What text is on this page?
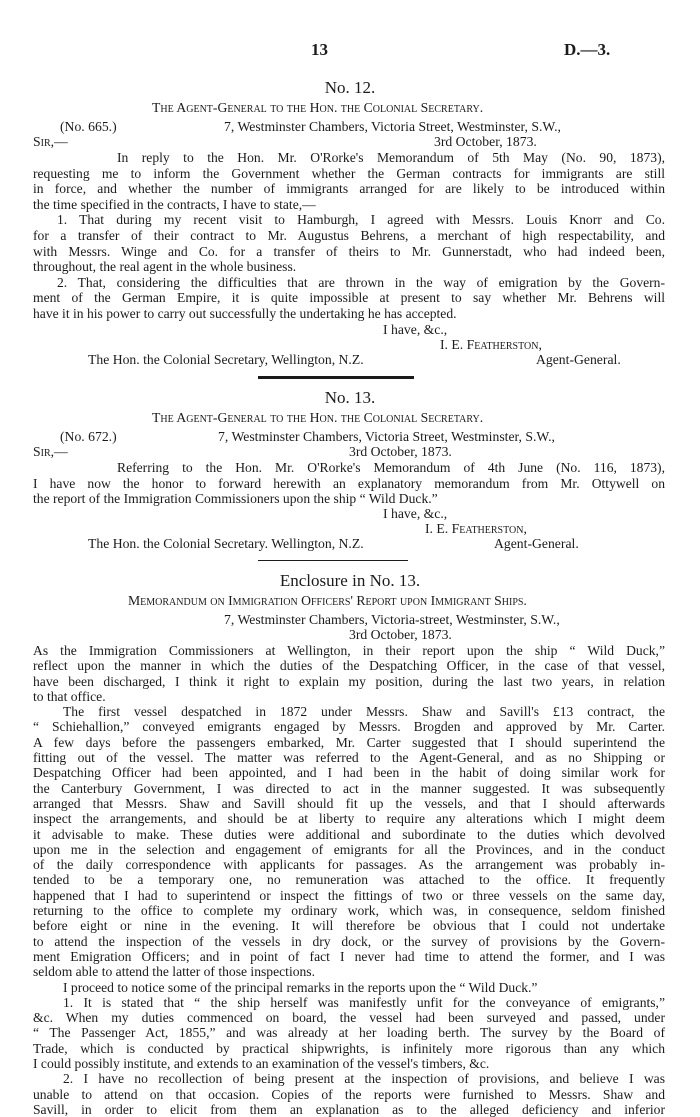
13	D.—3.
No. 12.
The Agent-General to the Hon. the Colonial Secretary.
(No. 665.)	7, Westminster Chambers, Victoria Street, Westminster, S.W.,
Sir,—	3rd October, 1873.
In reply to the Hon. Mr. O'Rorke's Memorandum of 5th May (No. 90, 1873),
requesting me to inform the Government whether the German contracts for immigrants are still
in force, and whether the number of immigrants arranged for are likely to be introduced within
the time specified in the contracts, I have to state,—
1. That during my recent visit to Hamburgh, I agreed with Messrs. Louis Knorr and Co.
for a transfer of their contract to Mr. Augustus Behrens, a merchant of high respectability, and
with Messrs. Winge and Co. for a transfer of theirs to Mr. Gunnerstadt, who had indeed been,
throughout, the real agent in the whole business.
2. That, considering the difficulties that are thrown in the way of emigration by the Govern-
ment of the German Empire, it is quite impossible at present to say whether Mr. Behrens will
have it in his power to carry out successfully the undertaking he has accepted.
I have, &c.,
I. E. Featherston,
The Hon. the Colonial Secretary, Wellington, N.Z.	Agent-General.
No. 13.
The Agent-General to the Hon. the Colonial Secretary.
(No. 672.)	7, Westminster Chambers, Victoria Street, Westminster, S.W.,
Sir,—	3rd October, 1873.
Referring to the Hon. Mr. O'Rorke's Memorandum of 4th June (No. 116, 1873),
I have now the honor to forward herewith an explanatory memorandum from Mr. Ottywell on
the report of the Immigration Commissioners upon the ship “ Wild Duck.”
I have, &c.,
I. E. Featherston,
The Hon. the Colonial Secretary. Wellington, N.Z.	Agent-General.
Enclosure in No. 13.
Memorandum on Immigration Officers' Report upon Immigrant Ships.
7, Westminster Chambers, Victoria-street, Westminster, S.W.,
3rd October, 1873.
As the Immigration Commissioners at Wellington, in their report upon the ship “ Wild Duck,”
reflect upon the manner in which the duties of the Despatching Officer, in the case of that vessel,
have been discharged, I think it right to explain my position, during the last two years, in relation
to that office.
The first vessel despatched in 1872 under Messrs. Shaw and Savill's £13 contract, the
“ Schiehallion,” conveyed emigrants engaged by Messrs. Brogden and approved by Mr. Carter.
A few days before the passengers embarked, Mr. Carter suggested that I should superintend the
fitting out of the vessel. The matter was referred to the Agent-General, and as no Shipping or
Despatching Officer had been appointed, and I had been in the habit of doing similar work for
the Canterbury Government, I was directed to act in the manner suggested. It was subsequently
arranged that Messrs. Shaw and Savill should fit up the vessels, and that I should afterwards
inspect the arrangements, and should be at liberty to require any alterations which I might deem
it advisable to make. These duties were additional and subordinate to the duties which devolved
upon me in the selection and engagement of emigrants for all the Provinces, and in the conduct
of the daily correspondence with applicants for passages. As the arrangement was probably in-
tended to be a temporary one, no remuneration was attached to the office. It frequently
happened that I had to superintend or inspect the fittings of two or three vessels on the same day,
returning to the office to complete my ordinary work, which was, in consequence, seldom finished
before eight or nine in the evening. It will therefore be obvious that I could not undertake
to attend the inspection of the vessels in dry dock, or the survey of provisions by the Govern-
ment Emigration Officers; and in point of fact I never had time to attend the former, and I was
seldom able to attend the latter of those inspections.
I proceed to notice some of the principal remarks in the reports upon the “ Wild Duck.”
1. It is stated that “ the ship herself was manifestly unfit for the conveyance of emigrants,”
&c. When my duties commenced on board, the vessel had been surveyed and passed, under
“ The Passenger Act, 1855,” and was already at her loading berth. The survey by the Board of
Trade, which is conducted by practical shipwrights, is infinitely more rigorous than any which
I could possibly institute, and extends to an examination of the vessel's timbers, &c.
2. I have no recollection of being present at the inspection of provisions, and believe I was
unable to attend on that occasion. Copies of the reports were furnished to Messrs. Shaw and
Savill, in order to elicit from them an explanation as to the alleged deficiency and inferior
